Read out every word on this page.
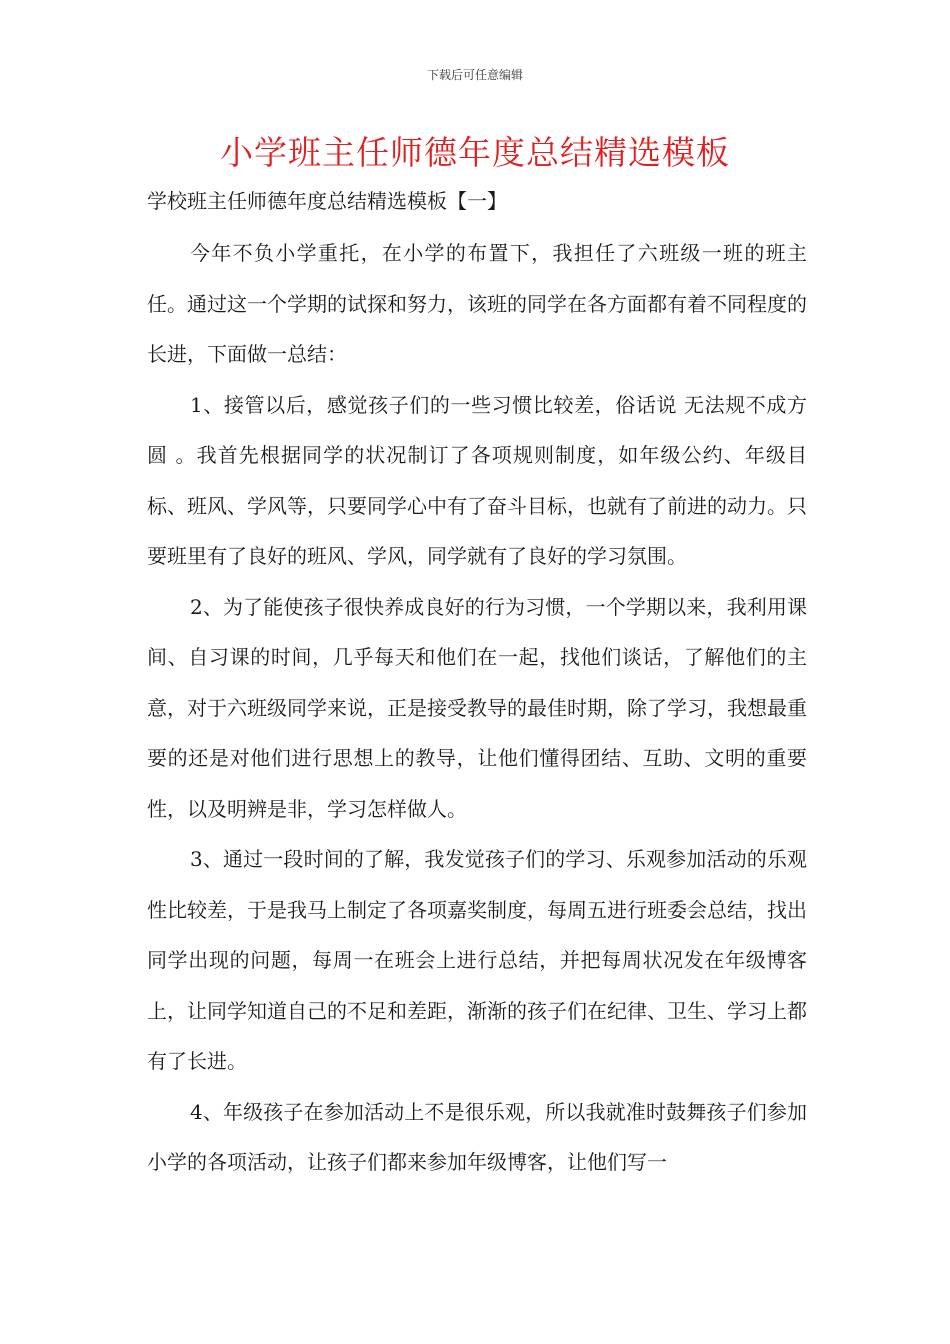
下载后可任意编辑
小学班主任师德年度总结精选模板
学校班主任师德年度总结精选模板【一】

今年不负小学重托，在小学的布置下，我担任了六班级一班的班主任。通过这一个学期的试探和努力，该班的同学在各方面都有着不同程度的长进，下面做一总结：

1、接管以后，感觉孩子们的一些习惯比较差，俗话说 无法规不成方圆 。我首先根据同学的状况制订了各项规则制度，如年级公约、年级目标、班风、学风等，只要同学心中有了奋斗目标，也就有了前进的动力。只要班里有了良好的班风、学风，同学就有了良好的学习氛围。

2、为了能使孩子很快养成良好的行为习惯，一个学期以来，我利用课间、自习课的时间，几乎每天和他们在一起，找他们谈话，了解他们的主意，对于六班级同学来说，正是接受教导的最佳时期，除了学习，我想最重要的还是对他们进行思想上的教导，让他们懂得团结、互助、文明的重要性，以及明辨是非，学习怎样做人。

3、通过一段时间的了解，我发觉孩子们的学习、乐观参加活动的乐观性比较差，于是我马上制定了各项嘉奖制度，每周五进行班委会总结，找出同学出现的问题，每周一在班会上进行总结，并把每周状况发在年级博客上，让同学知道自己的不足和差距，渐渐的孩子们在纪律、卫生、学习上都有了长进。

4、年级孩子在参加活动上不是很乐观，所以我就准时鼓舞孩子们参加小学的各项活动，让孩子们都来参加年级博客，让他们写一
